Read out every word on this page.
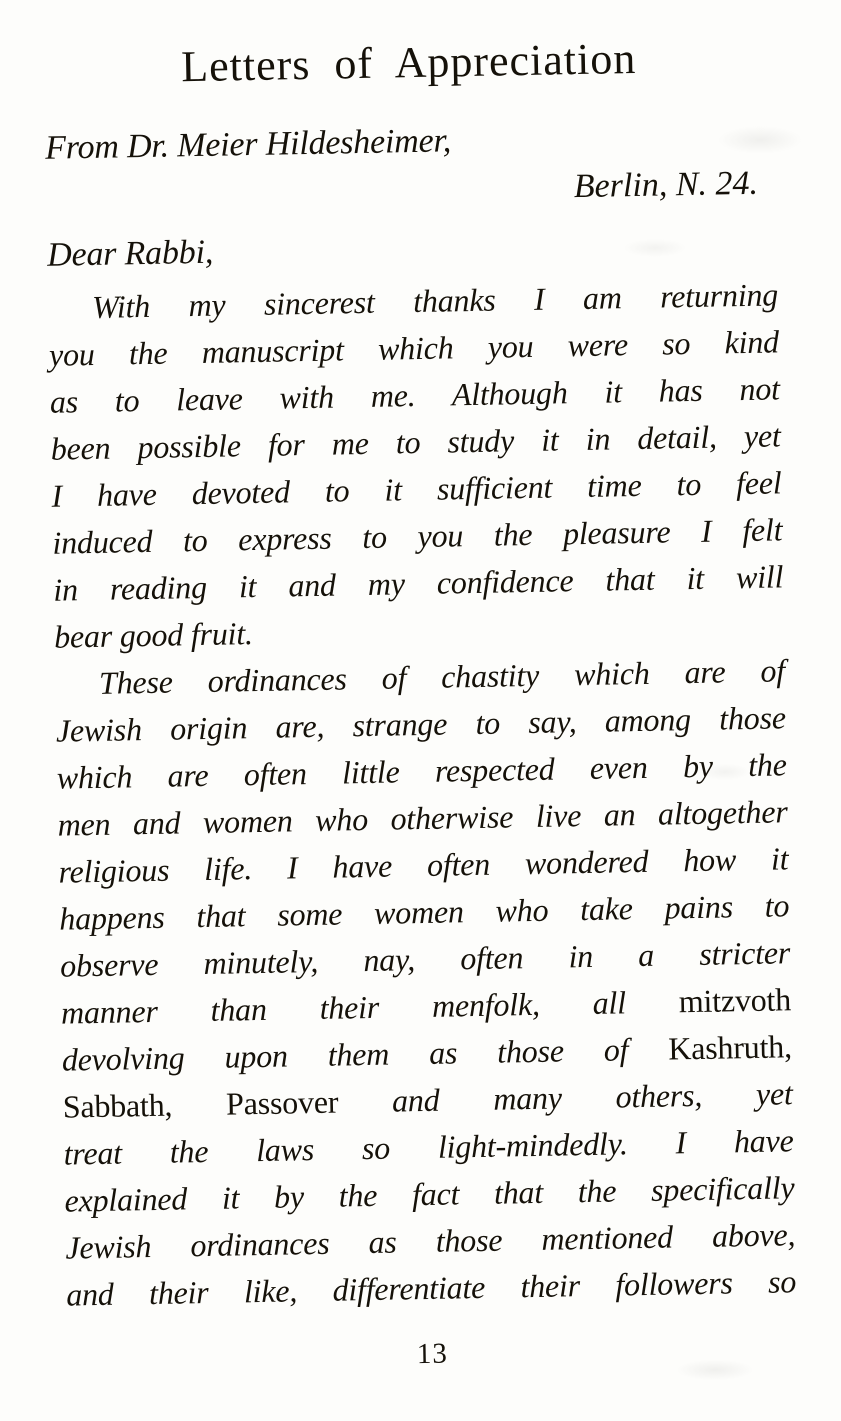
Letters of Appreciation
From Dr. Meier Hildesheimer,
Berlin, N. 24.
Dear Rabbi,
With my sincerest thanks I am returning
you the manuscript which you were so kind
as to leave with me. Although it has not
been possible for me to study it in detail, yet
I have devoted to it sufficient time to feel
induced to express to you the pleasure I felt
in reading it and my confidence that it will
bear good fruit.
These ordinances of chastity which are of
Jewish origin are, strange to say, among those
which are often little respected even by the
men and women who otherwise live an altogether
religious life. I have often wondered how it
happens that some women who take pains to
observe minutely, nay, often in a stricter
manner than their menfolk, all mitzvoth
devolving upon them as those of Kashruth,
Sabbath, Passover and many others, yet
treat the laws so light-mindedly. I have
explained it by the fact that the specifically
Jewish ordinances as those mentioned above,
and their like, differentiate their followers so
13
